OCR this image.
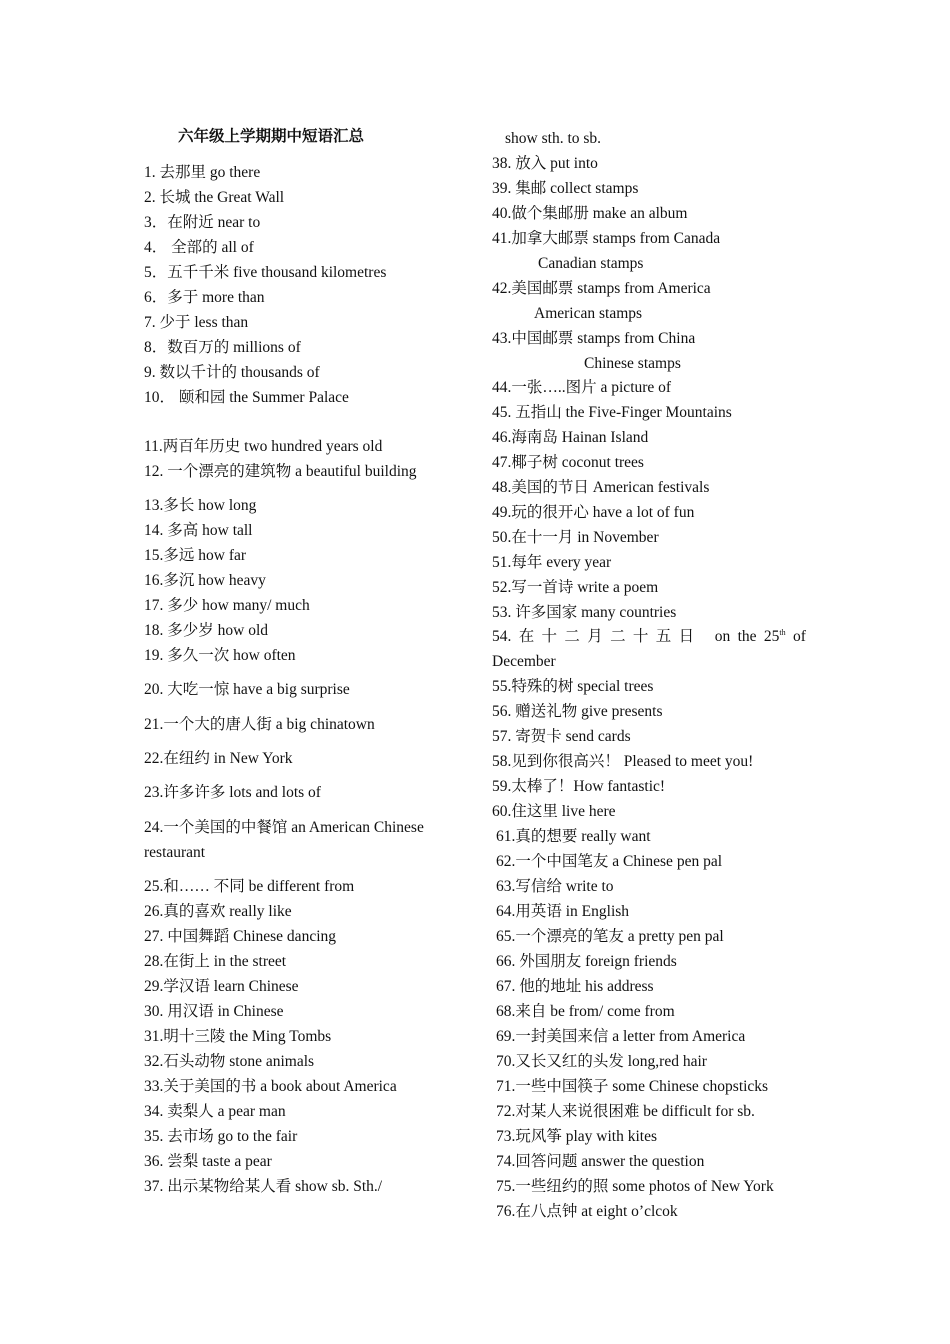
六年级上学期期中短语汇总
1. 去那里 go there
2. 长城 the Great Wall
3．在附近 near to
4． 全部的 all of
5．五千千米 five thousand kilometres
6．多于 more than
7. 少于 less than
8．数百万的 millions of
9. 数以千计的 thousands of
10． 颐和园 the Summer Palace
11.两百年历史 two hundred years old
12. 一个漂亮的建筑物 a beautiful building
13.多长 how long
14. 多高 how tall
15.多远 how far
16.多沉 how heavy
17. 多少 how many/ much
18. 多少岁 how old
19. 多久一次 how often
20. 大吃一惊 have a big surprise
21.一个大的唐人街 a big chinatown
22.在纽约 in New York
23.许多许多 lots and lots of
24.一个美国的中餐馆 an American Chinese
restaurant
25.和…… 不同 be different from
26.真的喜欢 really like
27. 中国舞蹈 Chinese dancing
28.在街上 in the street
29.学汉语 learn Chinese
30. 用汉语 in Chinese
31.明十三陵 the Ming Tombs
32.石头动物 stone animals
33.关于美国的书 a book about America
34. 卖梨人 a pear man
35. 去市场 go to the fair
36. 尝梨 taste a pear
37. 出示某物给某人看 show sb. Sth./
54. 在 十 二 月 二 十 五 日 on the 25th of
show sth. to sb.
38. 放入 put into
39. 集邮 collect stamps
40.做个集邮册 make an album
41.加拿大邮票 stamps from Canada
Canadian stamps
42.美国邮票 stamps from America
American stamps
43.中国邮票 stamps from China
Chinese stamps
44.一张…..图片 a picture of
45. 五指山 the Five-Finger Mountains
46.海南岛 Hainan Island
47.椰子树 coconut trees
48.美国的节日 American festivals
49.玩的很开心 have a lot of fun
50.在十一月 in November
51.每年 every year
52.写一首诗 write a poem
53. 许多国家 many countries
December
55.特殊的树 special trees
56. 赠送礼物 give presents
57. 寄贺卡 send cards
58.见到你很高兴！ Pleased to meet you!
59.太棒了！How fantastic!
60.住这里 live here
61.真的想要 really want
62.一个中国笔友 a Chinese pen pal
63.写信给 write to
64.用英语 in English
65.一个漂亮的笔友 a pretty pen pal
66. 外国朋友 foreign friends
67. 他的地址 his address
68.来自 be from/ come from
69.一封美国来信 a letter from America
70.又长又红的头发 long,red hair
71.一些中国筷子 some Chinese chopsticks
72.对某人来说很困难 be difficult for sb.
73.玩风筝 play with kites
74.回答问题 answer the question
75.一些纽约的照 some photos of New York
76.在八点钟 at eight o’clcok
